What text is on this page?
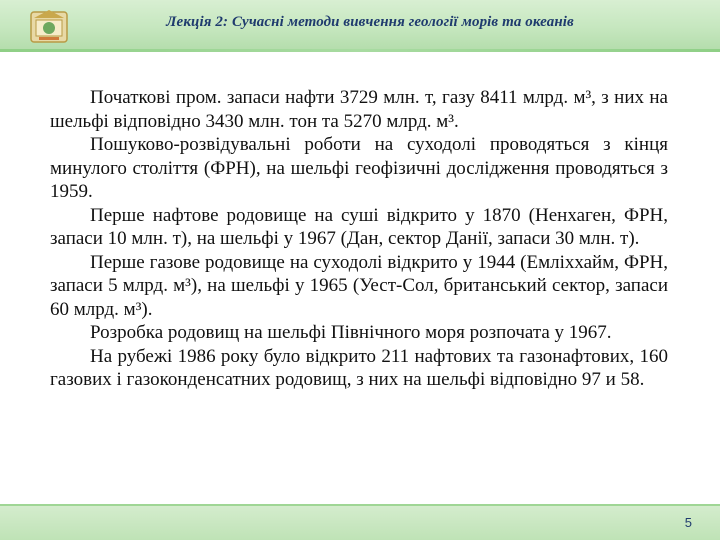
Лекція 2: Сучасні методи вивчення геології морів та океанів

Початкові пром. запаси нафти 3729 млн. т, газу 8411 млрд. м³, з них на шельфі відповідно 3430 млн. тон та 5270 млрд. м³.

Пошуково-розвідувальні роботи на суходолі проводяться з кінця минулого століття (ФРН), на шельфі геофізичні дослідження проводяться з 1959.

Перше нафтове родовище на суші відкрито у 1870 (Ненхаген, ФРН, запаси 10 млн. т), на шельфі у 1967 (Дан, сектор Данії, запаси 30 млн. т).

Перше газове родовище на суходолі відкрито у 1944 (Емліххайм, ФРН, запаси 5 млрд. м³), на шельфі у 1965 (Уест-Сол, британський сектор, запаси 60 млрд. м³).

Розробка родовищ на шельфі Північного моря розпочата у 1967.

На рубежі 1986 року було відкрито 211 нафтових та газонафтових, 160 газових і газоконденсатних родовищ, з них на шельфі відповідно 97 и 58.

5
